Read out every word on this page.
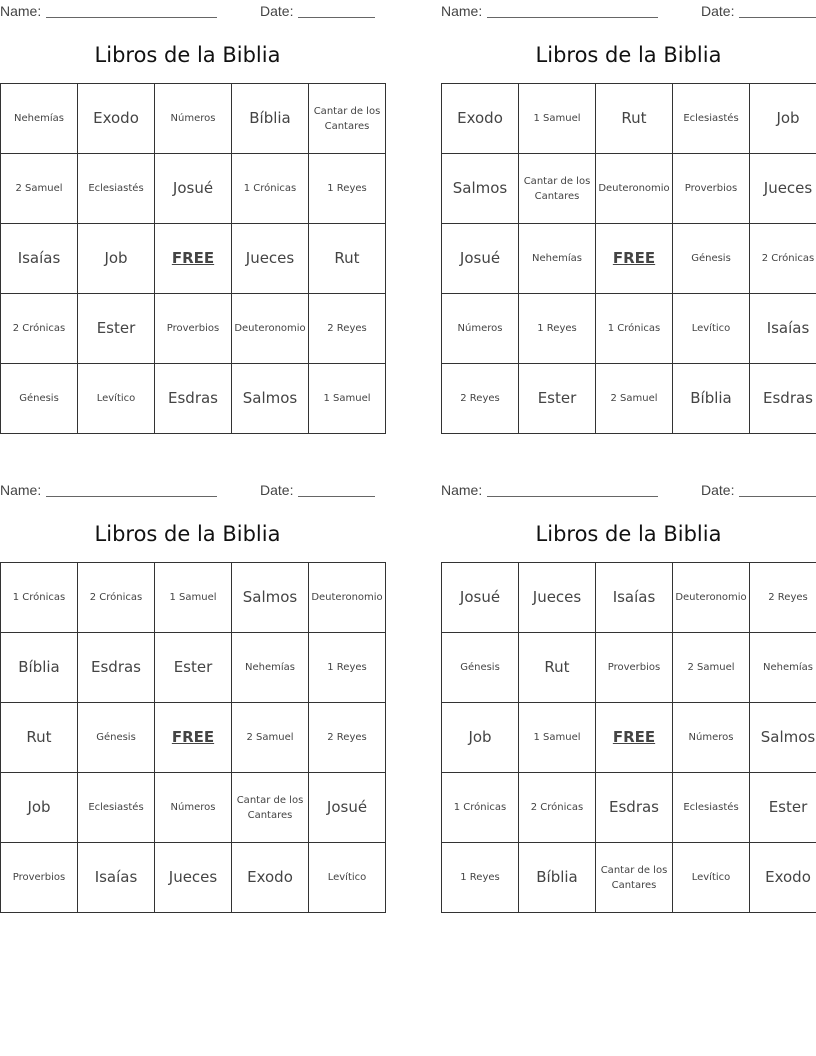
Name:	Date:
Libros de la Biblia
Nehemías	Exodo	Números	Bíblia	Cantar de los Cantares
2 Samuel	Eclesiastés	Josué	1 Crónicas	1 Reyes
Isaías	Job	FREE	Jueces	Rut
2 Crónicas	Ester	Proverbios	Deuteronomio	2 Reyes
Génesis	Levítico	Esdras	Salmos	1 Samuel
Name:	Date:
Libros de la Biblia
Exodo	1 Samuel	Rut	Eclesiastés	Job
Salmos	Cantar de los Cantares	Deuteronomio	Proverbios	Jueces
Josué	Nehemías	FREE	Génesis	2 Crónicas
Números	1 Reyes	1 Crónicas	Levítico	Isaías
2 Reyes	Ester	2 Samuel	Bíblia	Esdras
Name:	Date:
Libros de la Biblia
1 Crónicas	2 Crónicas	1 Samuel	Salmos	Deuteronomio
Bíblia	Esdras	Ester	Nehemías	1 Reyes
Rut	Génesis	FREE	2 Samuel	2 Reyes
Job	Eclesiastés	Números	Cantar de los Cantares	Josué
Proverbios	Isaías	Jueces	Exodo	Levítico
Name:	Date:
Libros de la Biblia
Josué	Jueces	Isaías	Deuteronomio	2 Reyes
Génesis	Rut	Proverbios	2 Samuel	Nehemías
Job	1 Samuel	FREE	Números	Salmos
1 Crónicas	2 Crónicas	Esdras	Eclesiastés	Ester
1 Reyes	Bíblia	Cantar de los Cantares	Levítico	Exodo
